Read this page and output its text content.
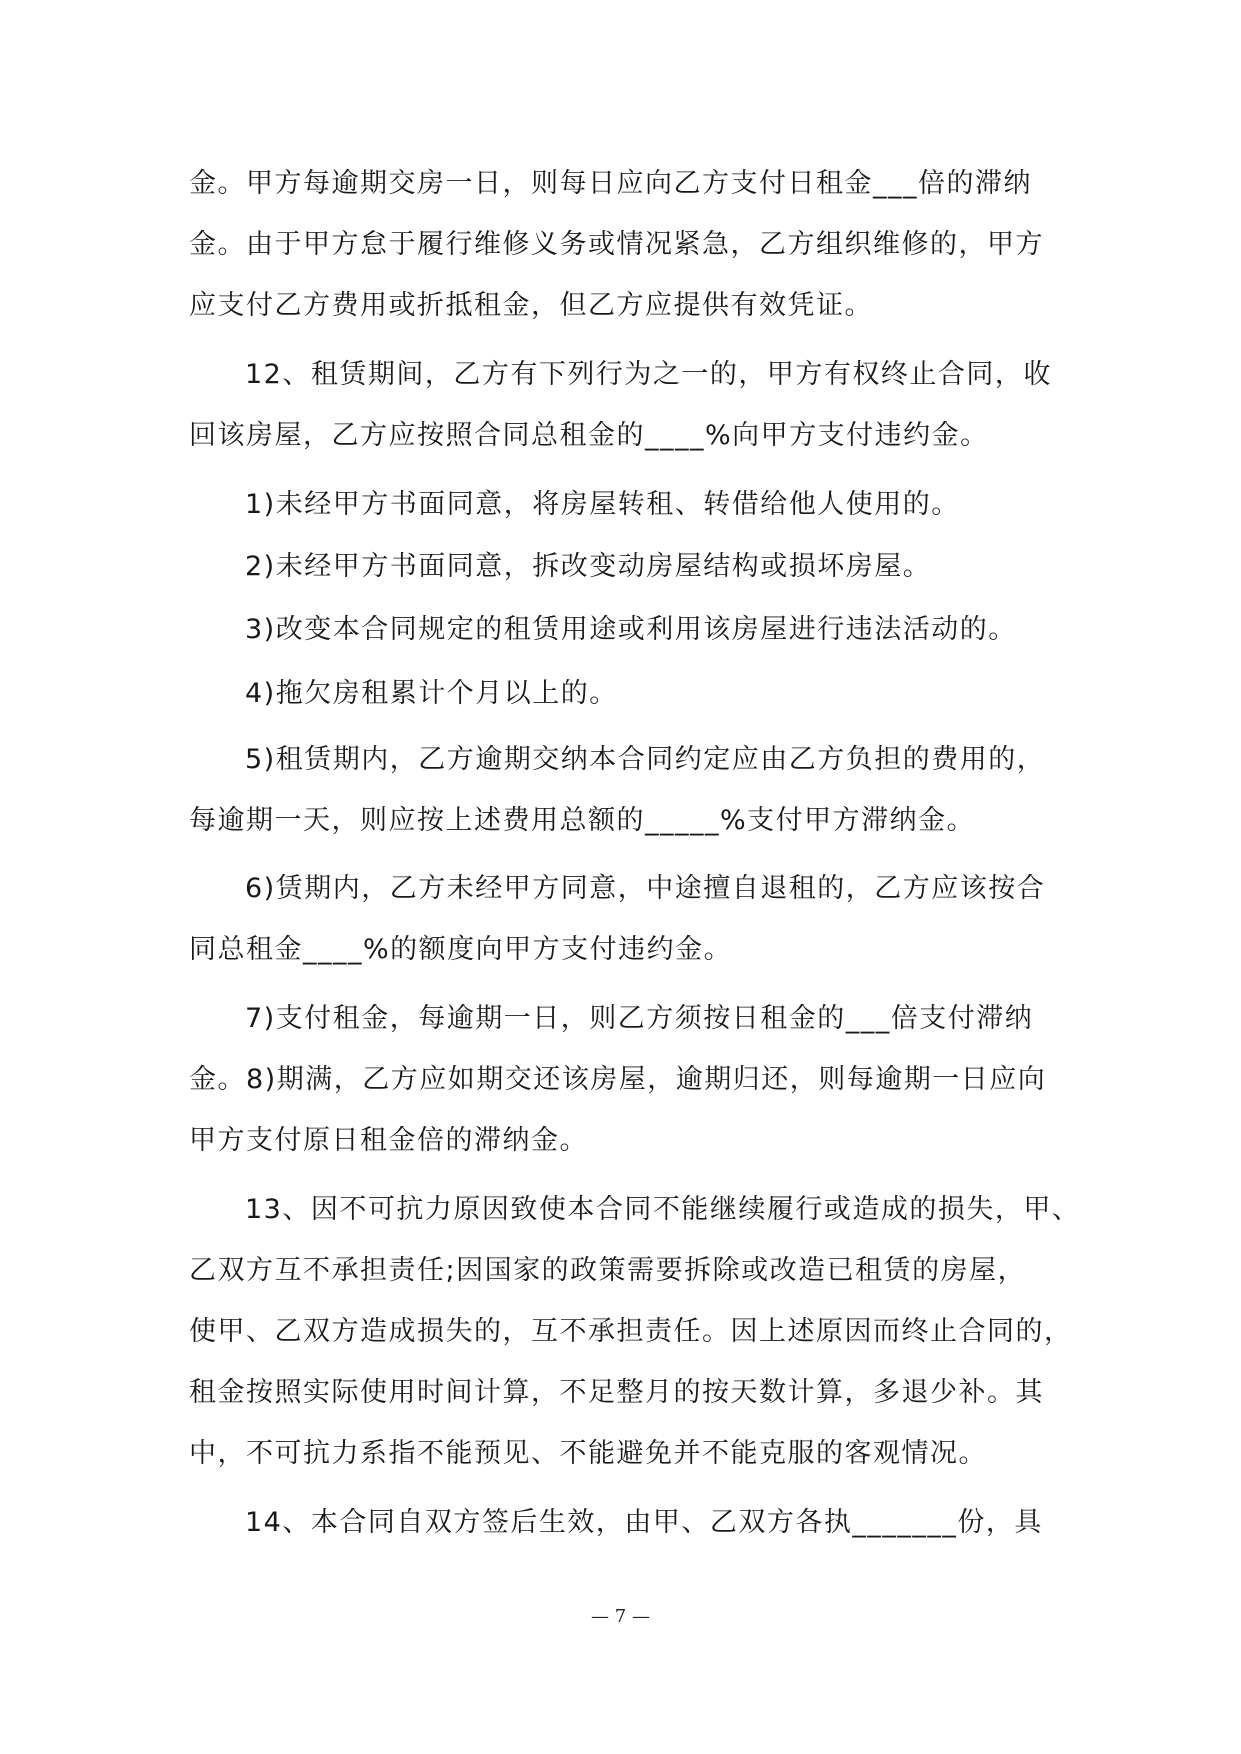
金。甲方每逾期交房一日，则每日应向乙方支付日租金___倍的滞纳
金。由于甲方怠于履行维修义务或情况紧急，乙方组织维修的，甲方
应支付乙方费用或折抵租金，但乙方应提供有效凭证。
12、租赁期间，乙方有下列行为之一的，甲方有权终止合同，收
回该房屋，乙方应按照合同总租金的____%向甲方支付违约金。
1)未经甲方书面同意，将房屋转租、转借给他人使用的。
2)未经甲方书面同意，拆改变动房屋结构或损坏房屋。
3)改变本合同规定的租赁用途或利用该房屋进行违法活动的。
4)拖欠房租累计个月以上的。
5)租赁期内，乙方逾期交纳本合同约定应由乙方负担的费用的，
每逾期一天，则应按上述费用总额的_____%支付甲方滞纳金。
6)赁期内，乙方未经甲方同意，中途擅自退租的，乙方应该按合
同总租金____%的额度向甲方支付违约金。
7)支付租金，每逾期一日，则乙方须按日租金的___倍支付滞纳
金。8)期满，乙方应如期交还该房屋，逾期归还，则每逾期一日应向
甲方支付原日租金倍的滞纳金。
13、因不可抗力原因致使本合同不能继续履行或造成的损失，甲、
乙双方互不承担责任;因国家的政策需要拆除或改造已租赁的房屋，
使甲、乙双方造成损失的，互不承担责任。因上述原因而终止合同的，
租金按照实际使用时间计算，不足整月的按天数计算，多退少补。其
中，不可抗力系指不能预见、不能避免并不能克服的客观情况。
14、本合同自双方签后生效，由甲、乙双方各执_______份，具
— 7 —
